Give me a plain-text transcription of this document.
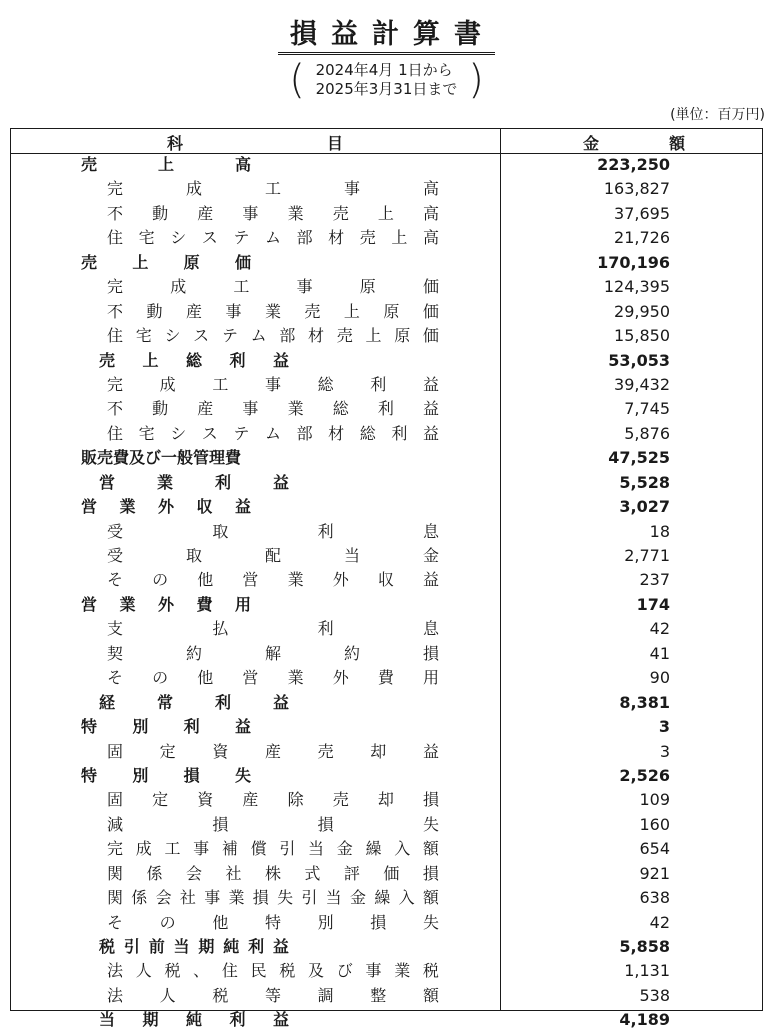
損益計算書
( 2024年4月 1日から
2025年3月31日まで )
(単位：百万円)
科	目	金	額
売	上	高	223,250
完	成	工	事	高	163,827
不 動 産 事 業 売 上 高	37,695
住 宅 シ ス テ ム 部 材 売 上 高	21,726
売 上 原 価	170,196
完	成	工	事	原	価	124,395
不 動 産 事 業 売 上 原 価	29,950
住 宅 シ ス テ ム 部 材 売 上 原 価	15,850
売 上 総 利 益	53,053
完 成 工 事 総 利 益	39,432
不 動 産 事 業 総 利 益	7,745
住 宅 シ ス テ ム 部 材 総 利 益	5,876
販売費及び一般管理費	47,525
営	業	利	益	5,528
営 業 外 収 益	3,027
受	取	利	息	18
受	取	配	当	金	2,771
そ の 他 営 業 外 収 益	237
営 業 外 費 用	174
支	払	利	息	42
契	約	解	約	損	41
そ の 他 営 業 外 費 用	90
経	常	利	益	8,381
特 別 利 益	3
固 定 資 産 売 却 益	3
特 別 損 失	2,526
固 定 資 産 除 売 却 損	109
減	損	損	失	160
完 成 工 事 補 償 引 当 金 繰 入 額	654
関 係 会 社 株 式 評 価 損	921
関 係 会 社 事 業 損 失 引 当 金 繰 入 額	638
そ の 他 特 別 損 失	42
税 引 前 当 期 純 利 益	5,858
法 人 税 、 住 民 税 及 び 事 業 税	1,131
法 人 税 等 調 整 額	538
当 期 純 利 益	4,189
